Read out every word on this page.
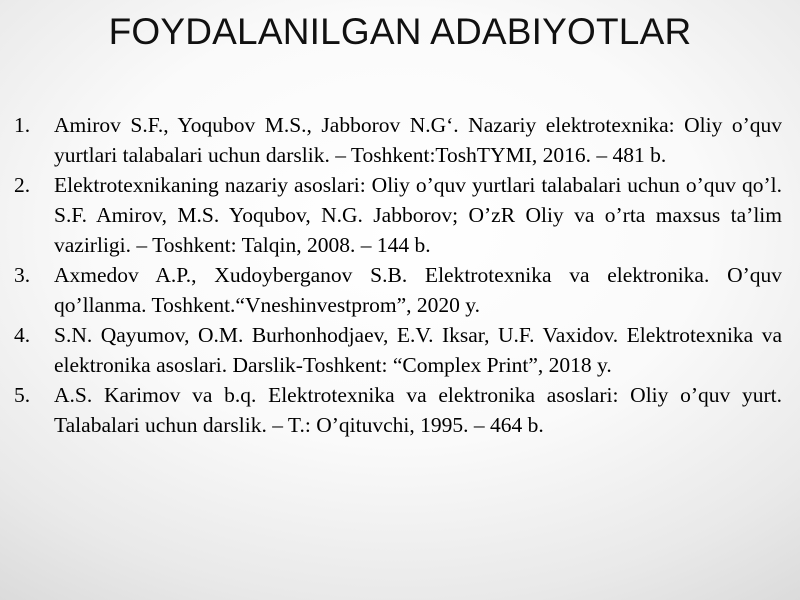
FOYDALANILGAN ADABIYOTLAR
1. Amirov S.F., Yoqubov M.S., Jabborov N.G‘. Nazariy elektrotexnika: Oliy o’quv yurtlari talabalari uchun darslik. – Toshkent:ToshTYMI, 2016. – 481 b.
2. Elektrotexnikaning nazariy asoslari: Oliy o’quv yurtlari talabalari uchun o’quv qo’l. S.F. Amirov, M.S. Yoqubov, N.G. Jabborov; O’zR Oliy va o’rta maxsus ta’lim vazirligi. – Toshkent: Talqin, 2008. – 144 b.
3. Axmedov A.P., Xudoyberganov S.B. Elektrotexnika va elektronika. O’quv qo’llanma. Toshkent.“Vneshinvestprom”, 2020 y.
4. S.N. Qayumov, O.M. Burhonhodjaev, E.V. Iksar, U.F. Vaxidov. Elektrotexnika va elektronika asoslari. Darslik-Toshkent: “Complex Print”, 2018 y.
5. A.S. Karimov va b.q. Elektrotexnika va elektronika asoslari: Oliy o’quv yurt. Talabalari uchun darslik. – T.: O’qituvchi, 1995. – 464 b.
